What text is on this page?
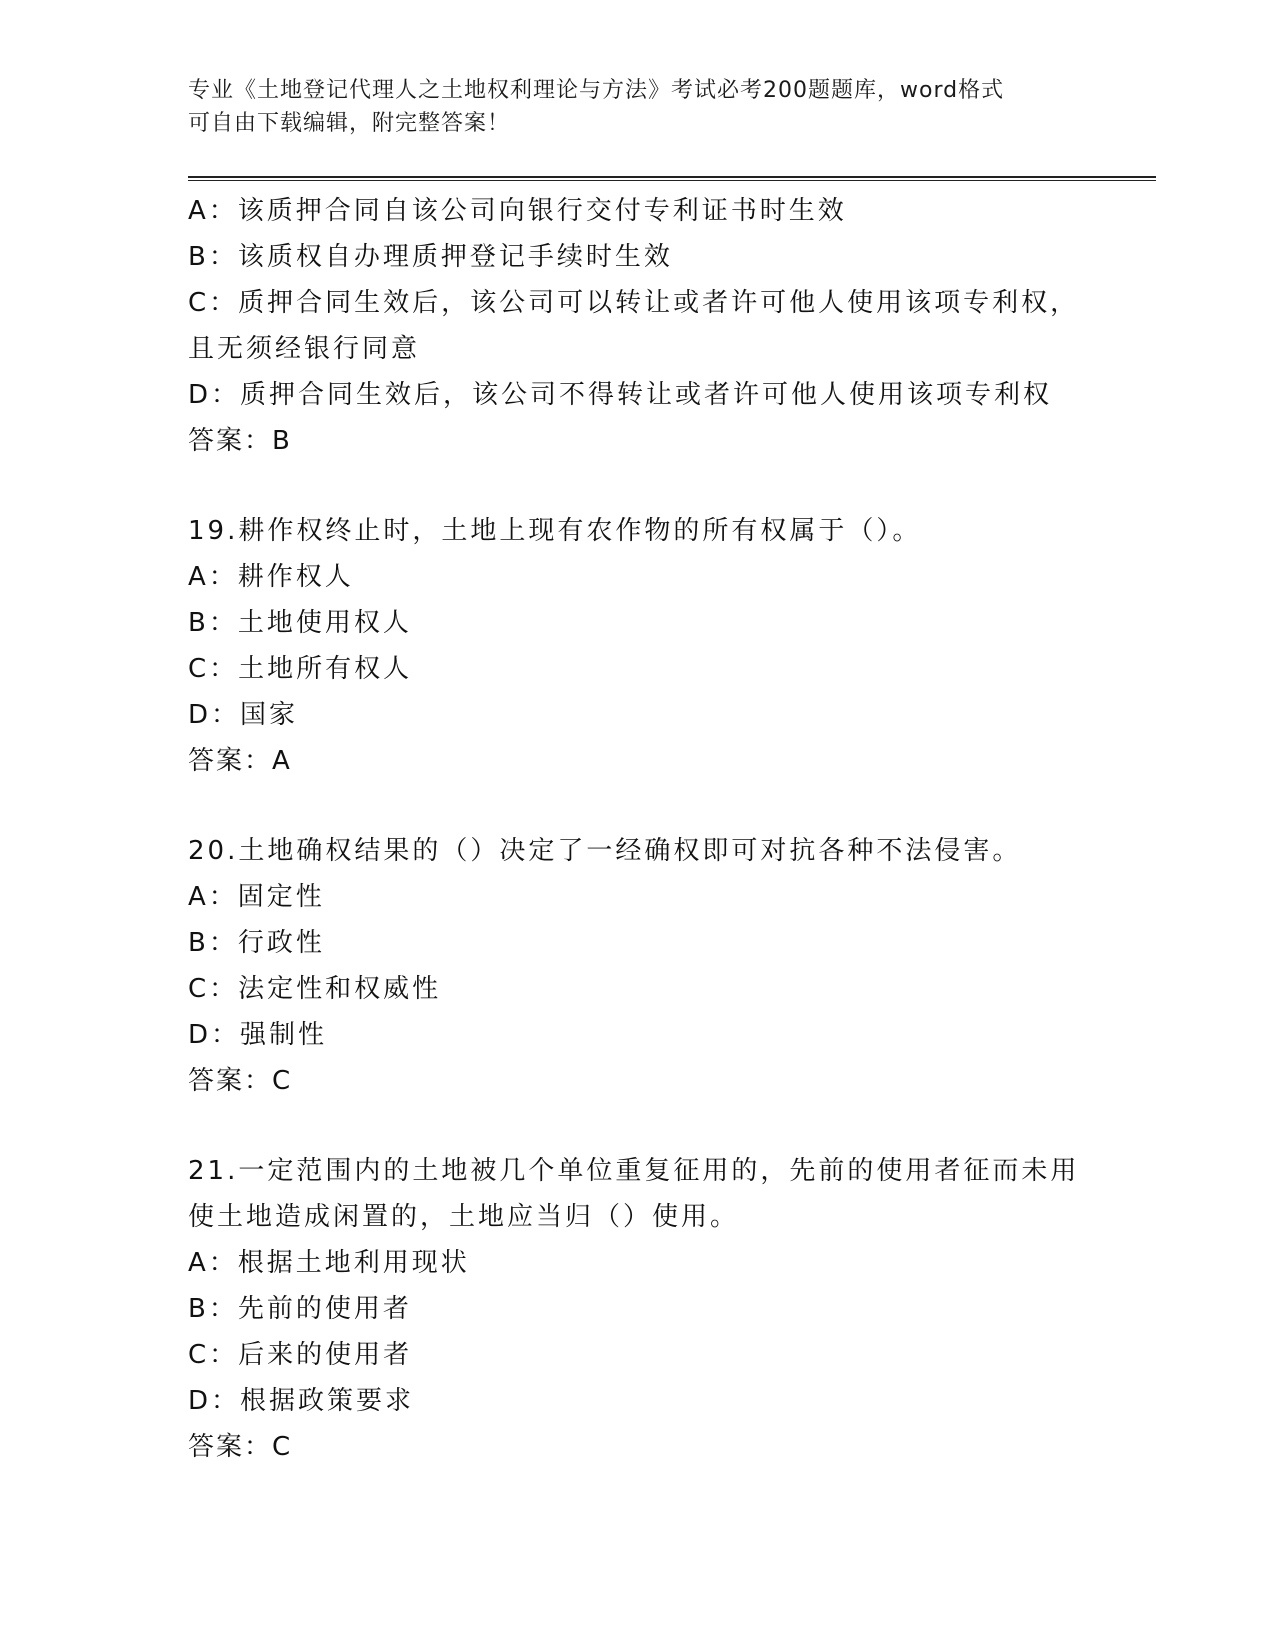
专业《土地登记代理人之土地权利理论与方法》考试必考200题题库，word格式
可自由下载编辑，附完整答案！

A：该质押合同自该公司向银行交付专利证书时生效

B：该质权自办理质押登记手续时生效

C：质押合同生效后，该公司可以转让或者许可他人使用该项专利权，

且无须经银行同意

D：质押合同生效后，该公司不得转让或者许可他人使用该项专利权

答案：B

19.耕作权终止时，土地上现有农作物的所有权属于（）。

A：耕作权人

B：土地使用权人

C：土地所有权人

D：国家

答案：A

20.土地确权结果的（）决定了一经确权即可对抗各种不法侵害。

A：固定性

B：行政性

C：法定性和权威性

D：强制性

答案：C

21.一定范围内的土地被几个单位重复征用的，先前的使用者征而未用

使土地造成闲置的，土地应当归（）使用。

A：根据土地利用现状

B：先前的使用者

C：后来的使用者

D：根据政策要求

答案：C
